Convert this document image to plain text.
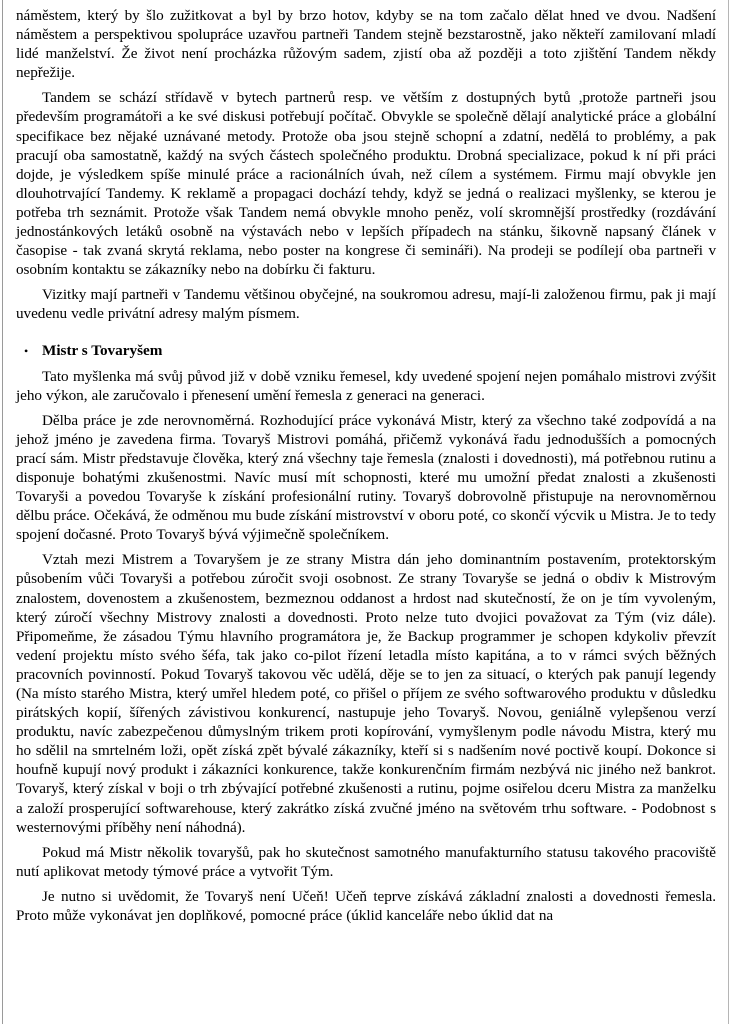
náměstem, který by šlo zužitkovat a byl by brzo hotov, kdyby se na tom začalo dělat hned ve dvou. Nadšení náměstem a perspektivou spolupráce uzavřou partneři Tandem stejně bezstarostně, jako někteří zamilovaní mladí lidé manželství. Že život není procházka růžovým sadem, zjistí oba až později a toto zjištění Tandem někdy nepřežije.

Tandem se schází střídavě v bytech partnerů resp. ve větším z dostupných bytů ,protože partneři jsou především programátoři a ke své diskusi potřebují počítač. Obvykle se společně dělají analytické práce a globální specifikace bez nějaké uznávané metody. Protože oba jsou stejně schopní a zdatní, nedělá to problémy, a pak pracují oba samostatně, každý na svých částech společného produktu. Drobná specializace, pokud k ní při práci dojde, je výsledkem spíše minulé práce a racionálních úvah, než cílem a systémem. Firmu mají obvykle jen dlouhotrvající Tandemy. K reklamě a propagaci dochází tehdy, když se jedná o realizaci myšlenky, se kterou je potřeba trh seznámit. Protože však Tandem nemá obvykle mnoho peněz, volí skromnější prostředky (rozdávání jednostánkových letáků osobně na výstavách nebo v lepších případech na stánku, šikovně napsaný článek v časopise - tak zvaná skrytá reklama, nebo poster na kongrese či semináři). Na prodeji se podílejí oba partneři v osobním kontaktu se zákazníky nebo na dobírku či fakturu.

Vizitky mají partneři v Tandemu většinou obyčejné, na soukromou adresu, mají-li založenou firmu, pak ji mají uvedenu vedle privátní adresy malým písmem.

• Mistr s Tovaryšem

Tato myšlenka má svůj původ již v době vzniku řemesel, kdy uvedené spojení nejen pomáhalo mistrovi zvýšit jeho výkon, ale zaručovalo i přenesení umění řemesla z generaci na generaci.

Dělba práce je zde nerovnoměrná. Rozhodující práce vykonává Mistr, který za všechno také zodpovídá a na jehož jméno je zavedena firma. Tovaryš Mistrovi pomáhá, přičemž vykonává řadu jednodušších a pomocných prací sám. Mistr představuje člověka, který zná všechny taje řemesla (znalosti i dovednosti), má potřebnou rutinu a disponuje bohatými zkušenostmi. Navíc musí mít schopnosti, které mu umožní předat znalosti a zkušenosti Tovaryši a povedou Tovaryše k získání profesionální rutiny. Tovaryš dobrovolně přistupuje na nerovnoměrnou dělbu práce. Očekává, že odměnou mu bude získání mistrovství v oboru poté, co skončí výcvik u Mistra. Je to tedy spojení dočasné. Proto Tovaryš bývá výjimečně společníkem.

Vztah mezi Mistrem a Tovaryšem je ze strany Mistra dán jeho dominantním postavením, protektorským působením vůči Tovaryši a potřebou zúročit svoji osobnost. Ze strany Tovaryše se jedná o obdiv k Mistrovým znalostem, dovenostem a zkušenostem, bezmeznou oddanost a hrdost nad skutečností, že on je tím vyvoleným, který zúročí všechny Mistrovy znalosti a dovednosti. Proto nelze tuto dvojici považovat za Tým (viz dále). Připomeňme, že zásadou Týmu hlavního programátora je, že Backup programmer je schopen kdykoliv převzít vedení projektu místo svého šéfa, tak jako co-pilot řízení letadla místo kapitána, a to v rámci svých běžných pracovních povinností. Pokud Tovaryš takovou věc udělá, děje se to jen za situací, o kterých pak panují legendy (Na místo starého Mistra, který umřel hledem poté, co přišel o příjem ze svého softwarového produktu v důsledku pirátských kopií, šířených závistivou konkurencí, nastupuje jeho Tovaryš. Novou, geniálně vylepšenou verzí produktu, navíc zabezpečenou důmyslným trikem proti kopírování, vymyšlenym podle návodu Mistra, který mu ho sdělil na smrtelném loži, opět získá zpět bývalé zákazníky, kteří si s nadšením nové poctivě koupí. Dokonce si houfně kupují nový produkt i zákazníci konkurence, takže konkurenčním firmám nezbývá nic jiného než bankrot. Tovaryš, který získal v boji o trh zbývající potřebné zkušenosti a rutinu, pojme osiřelou dceru Mistra za manželku a založí prosperující softwarehouse, který zakrátko získá zvučné jméno na světovém trhu software. - Podobnost s westernovými příběhy není náhodná).

Pokud má Mistr několik tovaryšů, pak ho skutečnost samotného manufakturního statusu takového pracoviště nutí aplikovat metody týmové práce a vytvořit Tým.

Je nutno si uvědomit, že Tovaryš není Učeň! Učeň teprve získává základní znalosti a dovednosti řemesla. Proto může vykonávat jen doplňkové, pomocné práce (úklid kanceláře nebo úklid dat na
